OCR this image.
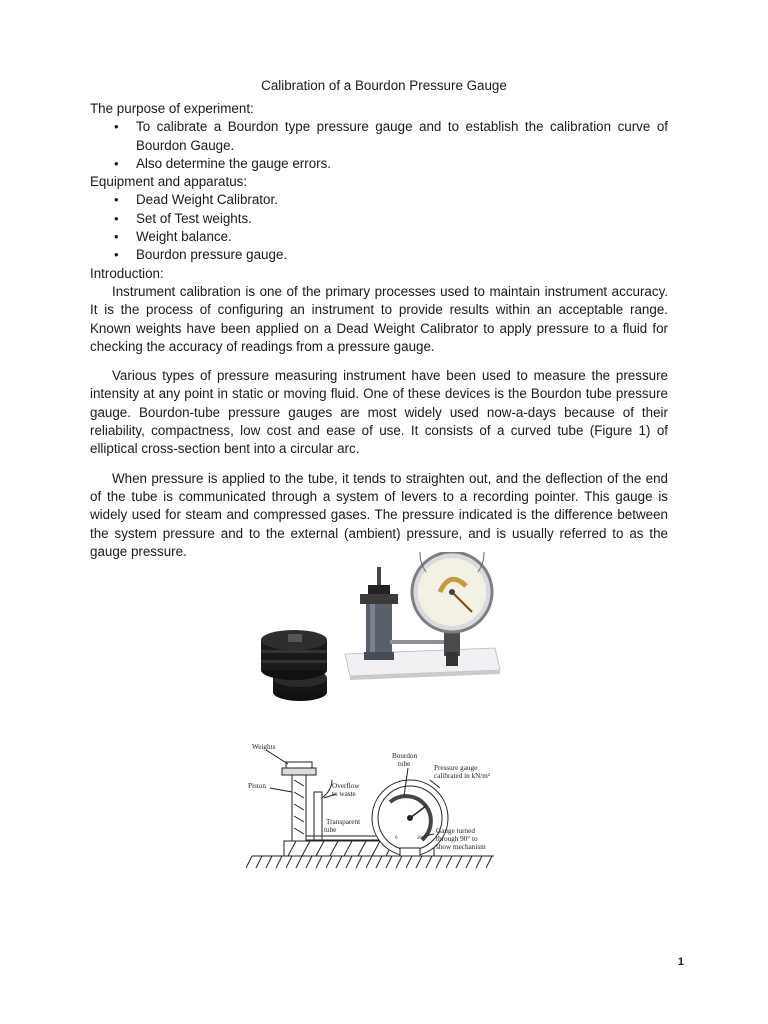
Calibration of a Bourdon Pressure Gauge

The purpose of experiment:

• To calibrate a Bourdon type pressure gauge and to establish the calibration curve of Bourdon Gauge.
• Also determine the gauge errors.

Equipment and apparatus:

• Dead Weight Calibrator.
• Set of Test weights.
• Weight balance.
• Bourdon pressure gauge.

Introduction:

Instrument calibration is one of the primary processes used to maintain instrument accuracy. It is the process of configuring an instrument to provide results within an acceptable range. Known weights have been applied on a Dead Weight Calibrator to apply pressure to a fluid for checking the accuracy of readings from a pressure gauge.

Various types of pressure measuring instrument have been used to measure the pressure intensity at any point in static or moving fluid. One of these devices is the Bourdon tube pressure gauge. Bourdon-tube pressure gauges are most widely used now-a-days because of their reliability, compactness, low cost and ease of use. It consists of a curved tube (Figure 1) of elliptical cross-section bent into a circular arc.

When pressure is applied to the tube, it tends to straighten out, and the deflection of the end of the tube is communicated through a system of levers to a recording pointer. This gauge is widely used for steam and compressed gases. The pressure indicated is the difference between the system pressure and to the external (ambient) pressure, and is usually referred to as the gauge pressure.

Weights
Piston
Bourdon
tube
Overflow
to waste
Transparent
tube
Pressure gauge
calibrated in kN/m²
Gauge turned
through 90° to
show mechanism
0	200
1
